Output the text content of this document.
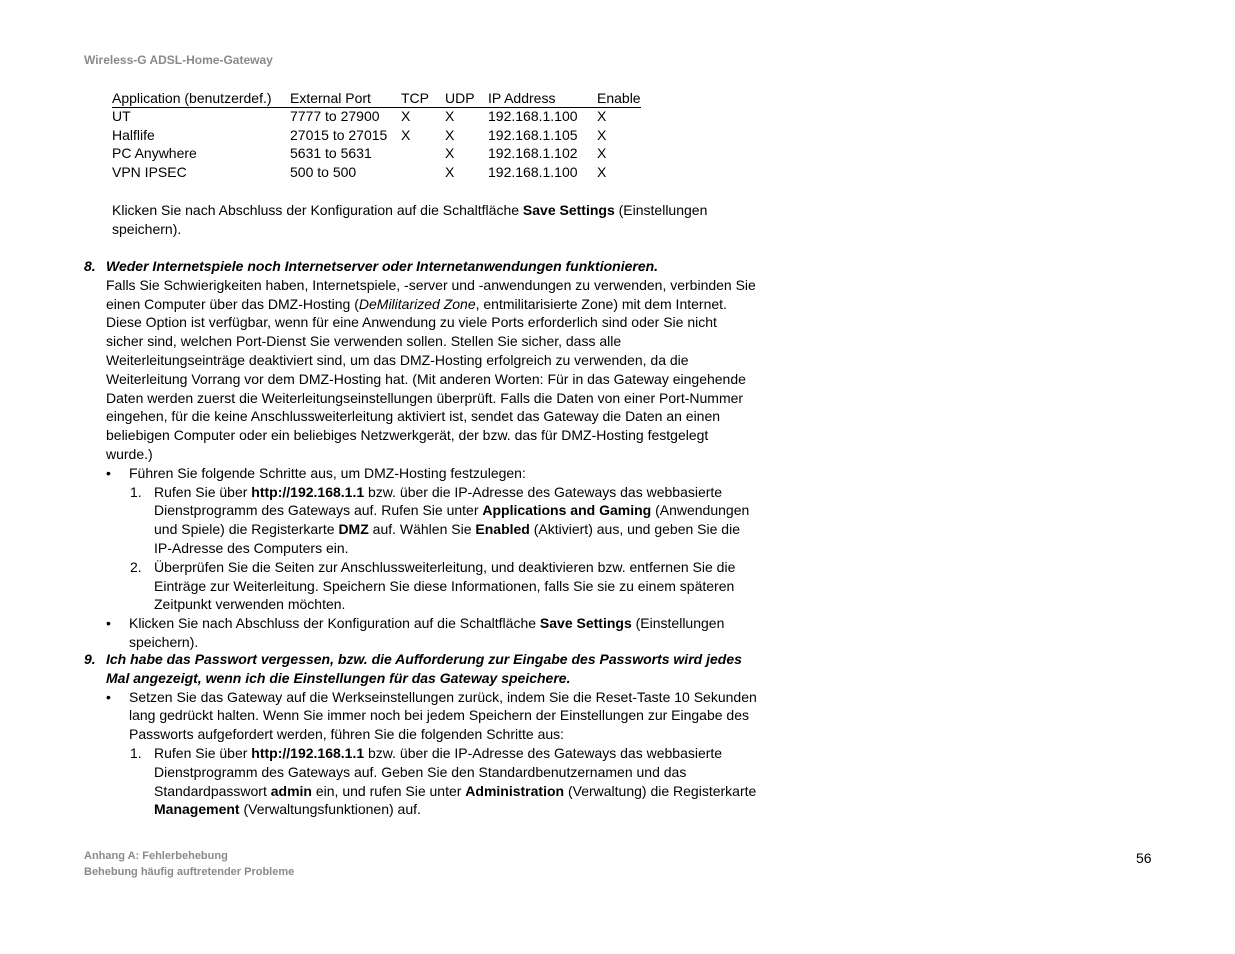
Wireless-G ADSL-Home-Gateway
Application (benutzerdef.)	External Port	TCP	UDP	IP Address	Enable
UT	7777 to 27900	X	X	192.168.1.100	X
Halflife	27015 to 27015	X	X	192.168.1.105	X
PC Anywhere	5631 to 5631		X	192.168.1.102	X
VPN IPSEC	500 to 500		X	192.168.1.100	X
Klicken Sie nach Abschluss der Konfiguration auf die Schaltfläche Save Settings (Einstellungen speichern).
8. Weder Internetspiele noch Internetserver oder Internetanwendungen funktionieren.
Falls Sie Schwierigkeiten haben, Internetspiele, -server und -anwendungen zu verwenden, verbinden Sie einen Computer über das DMZ-Hosting (DeMilitarized Zone, entmilitarisierte Zone) mit dem Internet. Diese Option ist verfügbar, wenn für eine Anwendung zu viele Ports erforderlich sind oder Sie nicht sicher sind, welchen Port-Dienst Sie verwenden sollen. Stellen Sie sicher, dass alle Weiterleitungseinträge deaktiviert sind, um das DMZ-Hosting erfolgreich zu verwenden, da die Weiterleitung Vorrang vor dem DMZ-Hosting hat. (Mit anderen Worten: Für in das Gateway eingehende Daten werden zuerst die Weiterleitungseinstellungen überprüft. Falls die Daten von einer Port-Nummer eingehen, für die keine Anschlussweiterleitung aktiviert ist, sendet das Gateway die Daten an einen beliebigen Computer oder ein beliebiges Netzwerkgerät, der bzw. das für DMZ-Hosting festgelegt wurde.)
•	Führen Sie folgende Schritte aus, um DMZ-Hosting festzulegen:
1. Rufen Sie über http://192.168.1.1 bzw. über die IP-Adresse des Gateways das webbasierte Dienstprogramm des Gateways auf. Rufen Sie unter Applications and Gaming (Anwendungen und Spiele) die Registerkarte DMZ auf. Wählen Sie Enabled (Aktiviert) aus, und geben Sie die IP-Adresse des Computers ein.
2. Überprüfen Sie die Seiten zur Anschlussweiterleitung, und deaktivieren bzw. entfernen Sie die Einträge zur Weiterleitung. Speichern Sie diese Informationen, falls Sie sie zu einem späteren Zeitpunkt verwenden möchten.
•	Klicken Sie nach Abschluss der Konfiguration auf die Schaltfläche Save Settings (Einstellungen speichern).
9. Ich habe das Passwort vergessen, bzw. die Aufforderung zur Eingabe des Passworts wird jedes Mal angezeigt, wenn ich die Einstellungen für das Gateway speichere.
•	Setzen Sie das Gateway auf die Werkseinstellungen zurück, indem Sie die Reset-Taste 10 Sekunden lang gedrückt halten. Wenn Sie immer noch bei jedem Speichern der Einstellungen zur Eingabe des Passworts aufgefordert werden, führen Sie die folgenden Schritte aus:
1. Rufen Sie über http://192.168.1.1 bzw. über die IP-Adresse des Gateways das webbasierte Dienstprogramm des Gateways auf. Geben Sie den Standardbenutzernamen und das Standardpasswort admin ein, und rufen Sie unter Administration (Verwaltung) die Registerkarte Management (Verwaltungsfunktionen) auf.
Anhang A: Fehlerbehebung
Behebung häufig auftretender Probleme
56
